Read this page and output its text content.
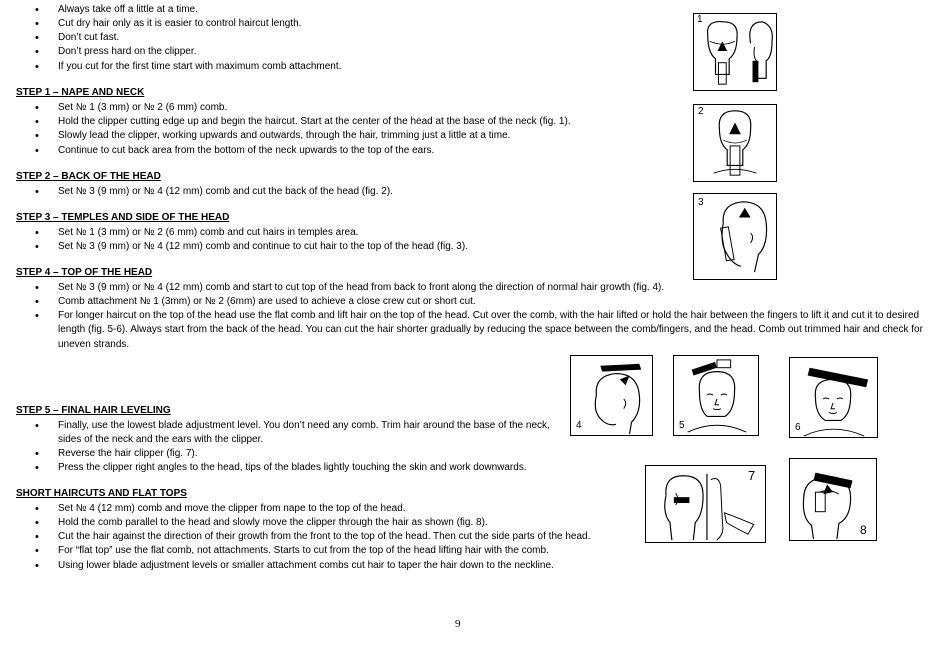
• Always take off a little at a time.
• Cut dry hair only as it is easier to control haircut length.
• Don’t cut fast.
• Don’t press hard on the clipper.
• If you cut for the first time start with maximum comb attachment.
STEP 1 – NAPE AND NECK
• Set № 1 (3 mm) or № 2 (6 mm) comb.
• Hold the clipper cutting edge up and begin the haircut. Start at the center of the head at the base of the neck (fig. 1).
• Slowly lead the clipper, working upwards and outwards, through the hair, trimming just a little at a time.
• Continue to cut back area from the bottom of the neck upwards to the top of the ears.
STEP 2 – BACK OF THE HEAD
• Set № 3 (9 mm) or № 4 (12 mm) comb and cut the back of the head (fig. 2).
STEP 3 – TEMPLES AND SIDE OF THE HEAD
• Set № 1 (3 mm) or № 2 (6 mm) comb and cut hairs in temples area.
• Set № 3 (9 mm) or № 4 (12 mm) comb and continue to cut hair to the top of the head (fig. 3).
STEP 4 – TOP OF THE HEAD
• Set № 3 (9 mm) or № 4 (12 mm) comb and start to cut top of the head from back to front along the direction of normal hair growth (fig. 4).
• Comb attachment № 1 (3mm) or № 2 (6mm) are used to achieve a close crew cut or short cut.
• For longer haircut on the top of the head use the flat comb and lift hair on the top of the head. Cut over the comb, with the hair lifted or hold the hair between the fingers to lift it and cut it to desired
length (fig. 5-6). Always start from the back of the head. You can cut the hair shorter gradually by reducing the space between the comb/fingers, and the head. Comb out trimmed hair and check for
uneven strands.
STEP 5 – FINAL HAIR LEVELING
• Finally, use the lowest blade adjustment level. You don’t need any comb. Trim hair around the base of the neck,
sides of the neck and the ears with the clipper.
• Reverse the hair clipper (fig. 7).
• Press the clipper right angles to the head, tips of the blades lightly touching the skin and work downwards.
SHORT HAIRCUTS AND FLAT TOPS
• Set № 4 (12 mm) comb and move the clipper from nape to the top of the head.
• Hold the comb parallel to the head and slowly move the clipper through the hair as shown (fig. 8).
• Cut the hair against the direction of their growth from the front to the top of the head. Then cut the side parts of the head.
• For “flat top” use the flat comb, not attachments. Starts to cut from the top of the head lifting hair with the comb.
• Using lower blade adjustment levels or smaller attachment combs cut hair to taper the hair down to the neckline.
1
2
3
4	5	6
7
8
9
